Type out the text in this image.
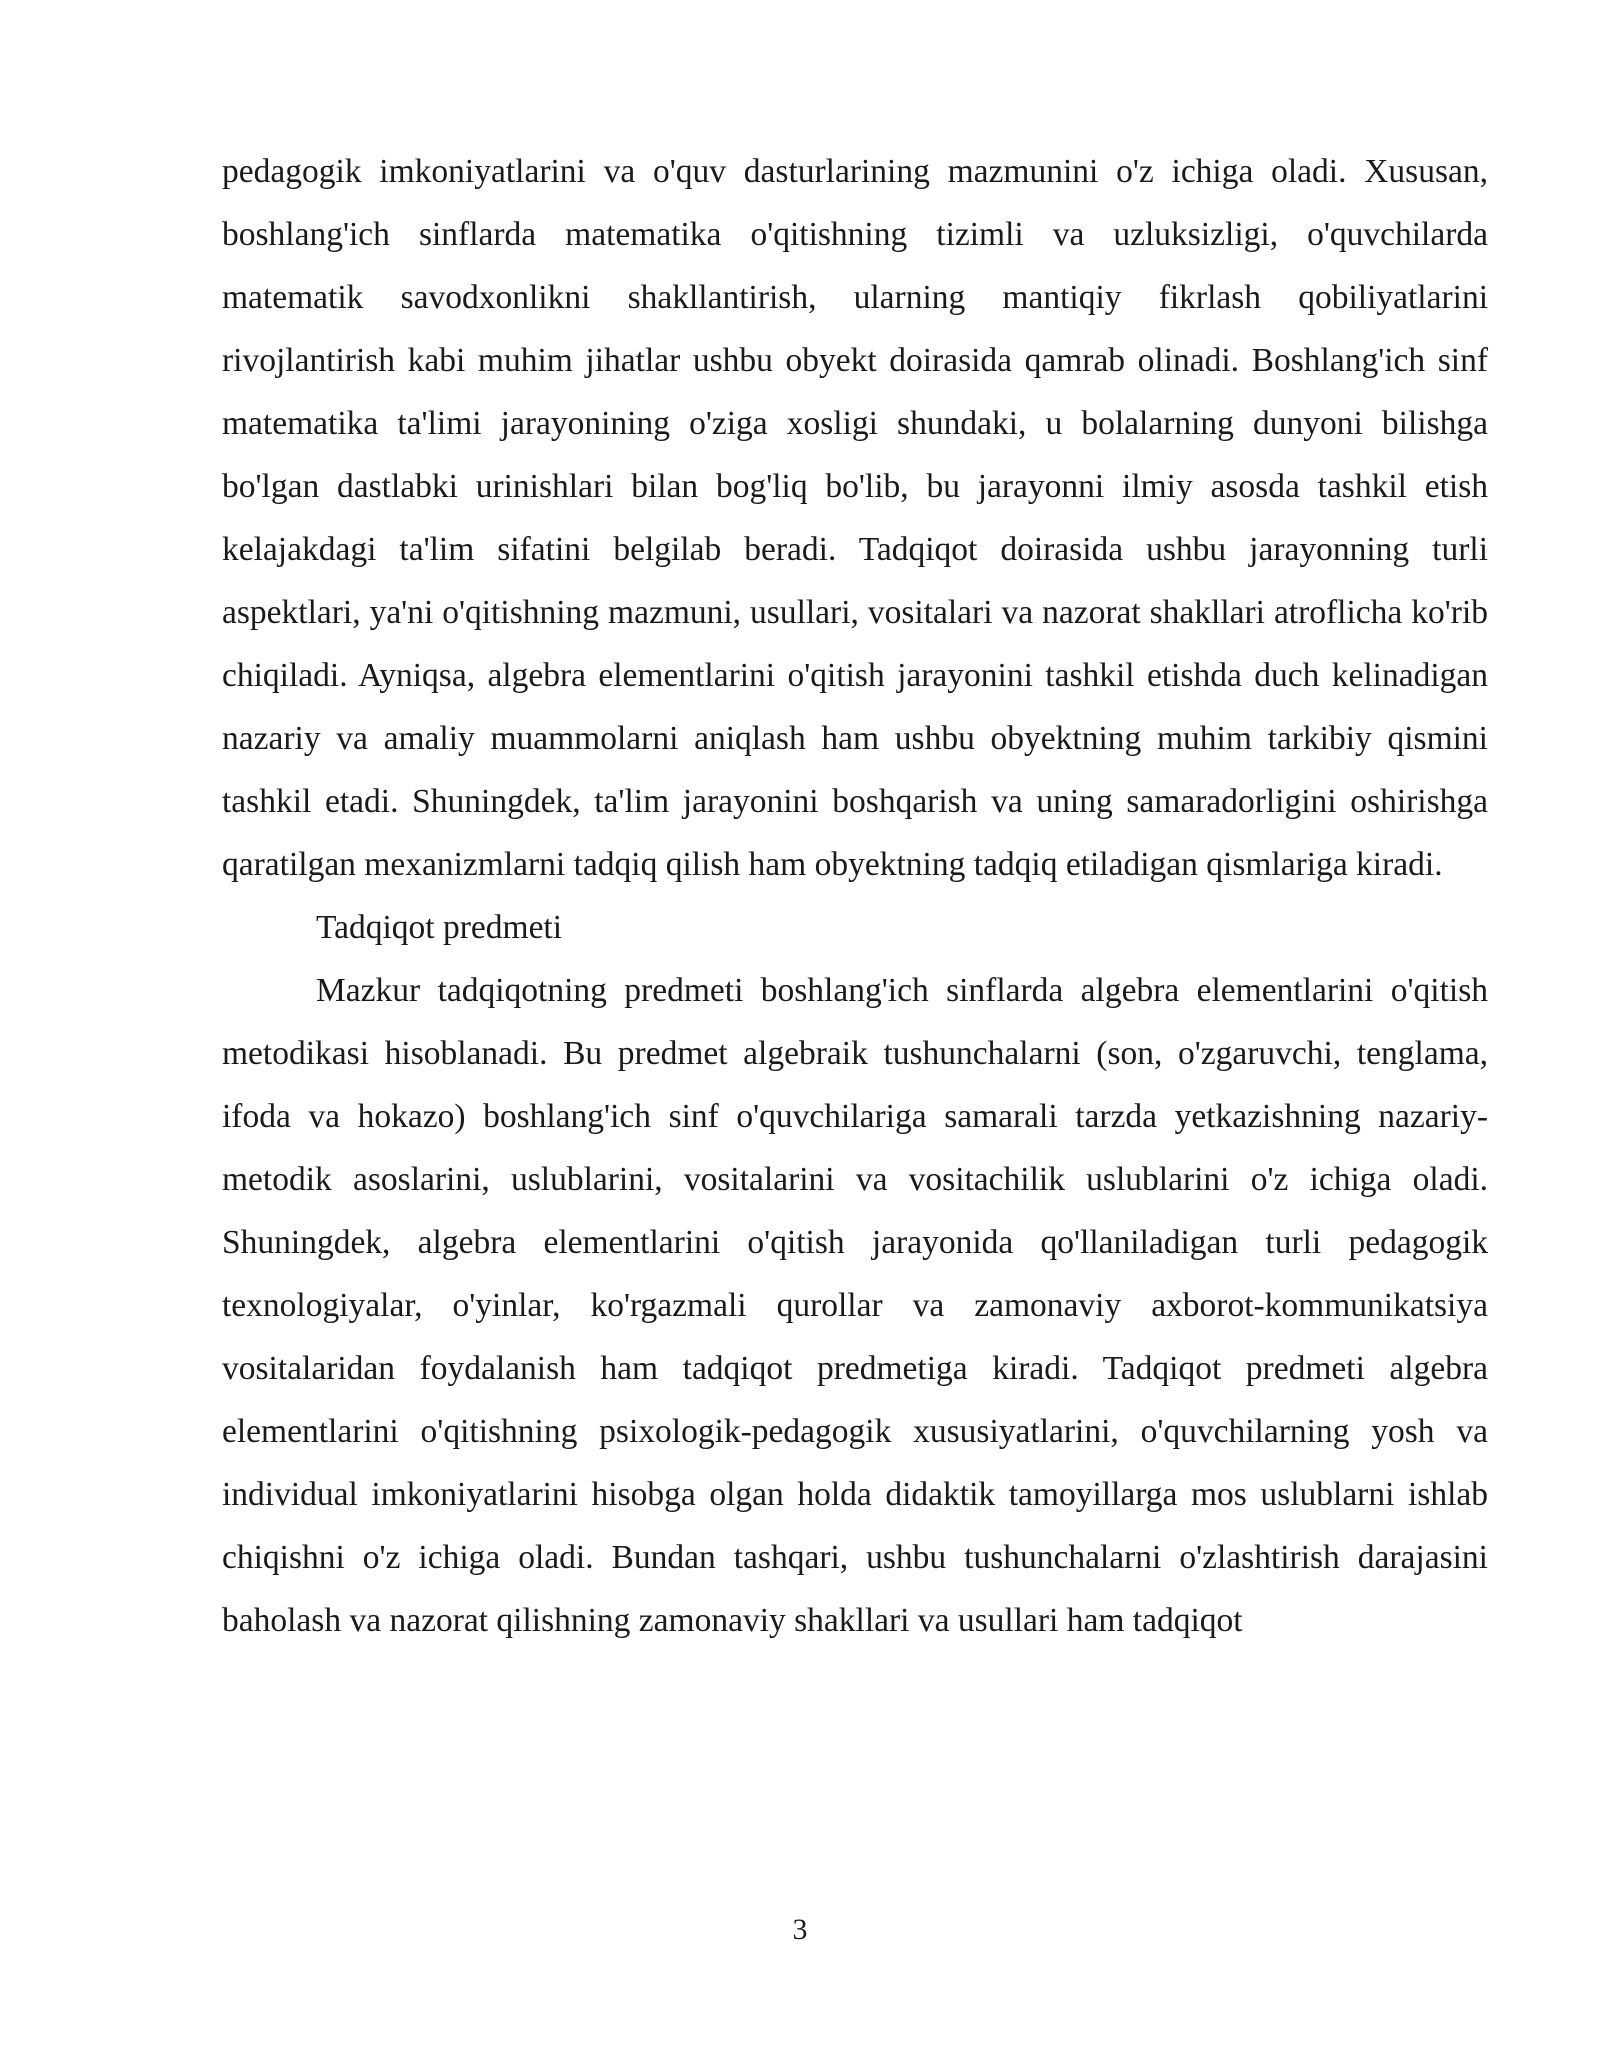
pedagogik imkoniyatlarini va o'quv dasturlarining mazmunini o'z ichiga oladi. Xususan, boshlang'ich sinflarda matematika o'qitishning tizimli va uzluksizligi, o'quvchilarda matematik savodxonlikni shakllantirish, ularning mantiqiy fikrlash qobiliyatlarini rivojlantirish kabi muhim jihatlar ushbu obyekt doirasida qamrab olinadi. Boshlang'ich sinf matematika ta'limi jarayonining o'ziga xosligi shundaki, u bolalarning dunyoni bilishga bo'lgan dastlabki urinishlari bilan bog'liq bo'lib, bu jarayonni ilmiy asosda tashkil etish kelajakdagi ta'lim sifatini belgilab beradi. Tadqiqot doirasida ushbu jarayonning turli aspektlari, ya'ni o'qitishning mazmuni, usullari, vositalari va nazorat shakllari atroflicha ko'rib chiqiladi. Ayniqsa, algebra elementlarini o'qitish jarayonini tashkil etishda duch kelinadigan nazariy va amaliy muammolarni aniqlash ham ushbu obyektning muhim tarkibiy qismini tashkil etadi. Shuningdek, ta'lim jarayonini boshqarish va uning samaradorligini oshirishga qaratilgan mexanizmlarni tadqiq qilish ham obyektning tadqiq etiladigan qismlariga kiradi.

Tadqiqot predmeti

Mazkur tadqiqotning predmeti boshlang'ich sinflarda algebra elementlarini o'qitish metodikasi hisoblanadi. Bu predmet algebraik tushunchalarni (son, o'zgaruvchi, tenglama, ifoda va hokazo) boshlang'ich sinf o'quvchilariga samarali tarzda yetkazishning nazariy-metodik asoslarini, uslublarini, vositalarini va vositachilik uslublarini o'z ichiga oladi. Shuningdek, algebra elementlarini o'qitish jarayonida qo'llaniladigan turli pedagogik texnologiyalar, o'yinlar, ko'rgazmali qurollar va zamonaviy axborot-kommunikatsiya vositalaridan foydalanish ham tadqiqot predmetiga kiradi. Tadqiqot predmeti algebra elementlarini o'qitishning psixologik-pedagogik xususiyatlarini, o'quvchilarning yosh va individual imkoniyatlarini hisobga olgan holda didaktik tamoyillarga mos uslublarni ishlab chiqishni o'z ichiga oladi. Bundan tashqari, ushbu tushunchalarni o'zlashtirish darajasini baholash va nazorat qilishning zamonaviy shakllari va usullari ham tadqiqot

3
